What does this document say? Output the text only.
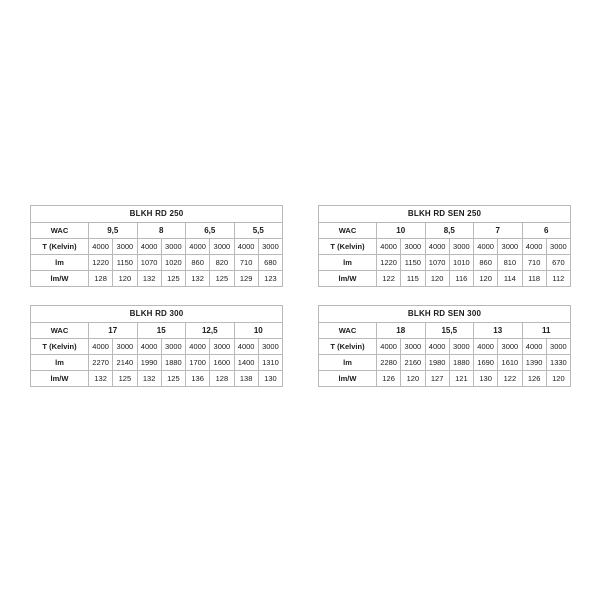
BLKH RD 250								
WAC	9,5		8		6,5		5,5	
T (Kelvin)	4000	3000	4000	3000	4000	3000	4000	3000
lm	1220	1150	1070	1020	860	820	710	680
lm/W	128	120	132	125	132	125	129	123
BLKH RD SEN 250								
WAC	10		8,5		7		6	
T (Kelvin)	4000	3000	4000	3000	4000	3000	4000	3000
lm	1220	1150	1070	1010	860	810	710	670
lm/W	122	115	120	116	120	114	118	112
BLKH RD 300								
WAC	17		15		12,5		10	
T (Kelvin)	4000	3000	4000	3000	4000	3000	4000	3000
lm	2270	2140	1990	1880	1700	1600	1400	1310
lm/W	132	125	132	125	136	128	138	130
BLKH RD SEN 300								
WAC	18		15,5		13		11	
T (Kelvin)	4000	3000	4000	3000	4000	3000	4000	3000
lm	2280	2160	1980	1880	1690	1610	1390	1330
lm/W	126	120	127	121	130	122	126	120
